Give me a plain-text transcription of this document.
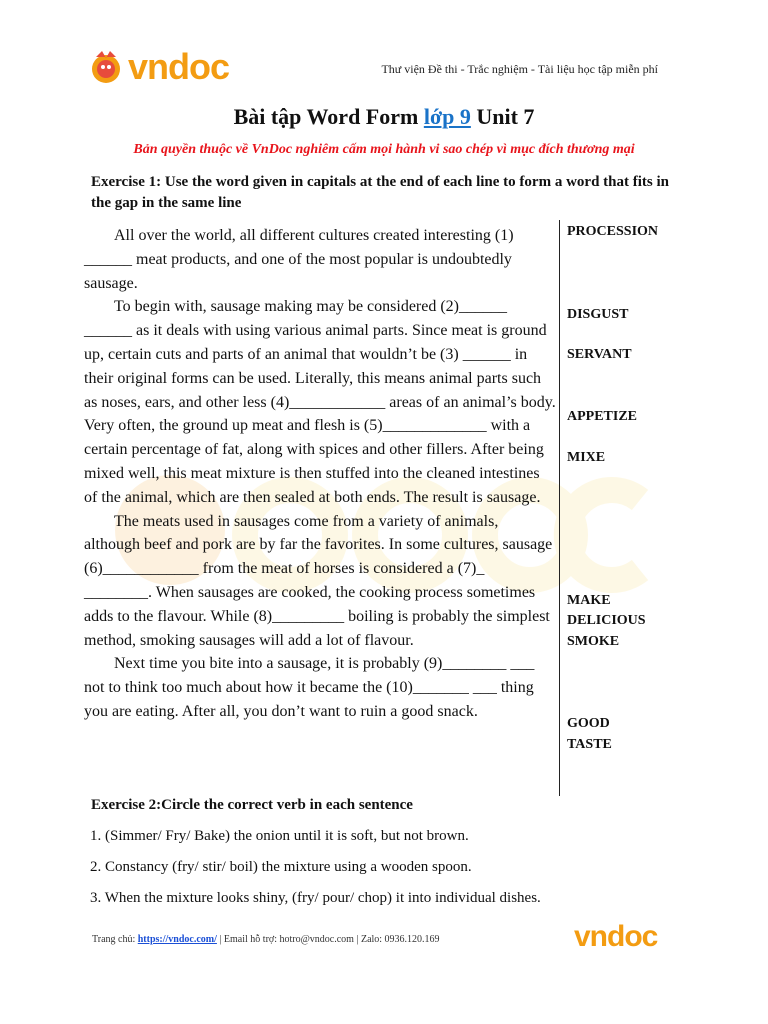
vndoc	Thư viện Đề thi - Trắc nghiệm - Tài liệu học tập miễn phí
Bài tập Word Form lớp 9 Unit 7
Bản quyền thuộc về VnDoc nghiêm cấm mọi hành vi sao chép vì mục đích thương mại
Exercise 1: Use the word given in capitals at the end of each line to form a word that fits in the gap in the same line

All over the world, all different cultures created interesting (1) ______ meat products, and one of the most popular is undoubtedly sausage.

To begin with, sausage making may be considered (2)______ ______ as it deals with using various animal parts. Since meat is ground up, certain cuts and parts of an animal that wouldn’t be (3) ______ in their original forms can be used. Literally, this means animal parts such as noses, ears, and other less (4)____________ areas of an animal’s body. Very often, the ground up meat and flesh is (5)_____________ with a certain percentage of fat, along with spices and other fillers. After being mixed well, this meat mixture is then stuffed into the cleaned intestines of the animal, which are then sealed at both ends. The result is sausage.

The meats used in sausages come from a variety of animals, although beef and pork are by far the favorites. In some cultures, sausage (6)____________ from the meat of horses is considered a (7)_ ________. When sausages are cooked, the cooking process sometimes adds to the flavour. While (8)_________ boiling is probably the simplest method, smoking sausages will add a lot of flavour.

Next time you bite into a sausage, it is probably (9)________ ___ not to think too much about how it became the (10)_______ ___ thing you are eating. After all, you don’t want to ruin a good snack.

PROCESSION
DISGUST
SERVANT
APPETIZE
MIXE
MAKE
DELICIOUS
SMOKE
GOOD
TASTE
Exercise 2:Circle the correct verb in each sentence
1. (Simmer/ Fry/ Bake) the onion until it is soft, but not brown.
2. Constancy (fry/ stir/ boil) the mixture using a wooden spoon.
3. When the mixture looks shiny, (fry/ pour/ chop) it into individual dishes.
Trang chủ: https://vndoc.com/ | Email hỗ trợ: hotro@vndoc.com | Zalo: 0936.120.169	vndoc
